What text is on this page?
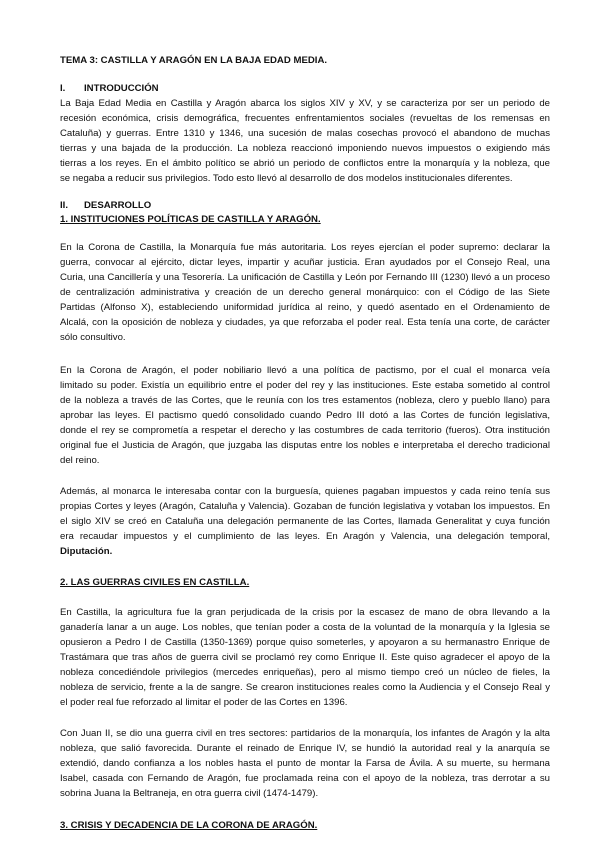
TEMA 3: CASTILLA Y ARAGÓN EN LA BAJA EDAD MEDIA.
I. INTRODUCCIÓN
La Baja Edad Media en Castilla y Aragón abarca los siglos XIV y XV, y se caracteriza por ser un periodo de
recesión económica, crisis demográfica, frecuentes enfrentamientos sociales (revueltas de los remensas en
Cataluña) y guerras. Entre 1310 y 1346, una sucesión de malas cosechas provocó el abandono de muchas
tierras y una bajada de la producción. La nobleza reaccionó imponiendo nuevos impuestos o exigiendo más
tierras a los reyes. En el ámbito político se abrió un periodo de conflictos entre la monarquía y la nobleza, que
se negaba a reducir sus privilegios. Todo esto llevó al desarrollo de dos modelos institucionales diferentes.
II. DESARROLLO
1. INSTITUCIONES POLÍTICAS DE CASTILLA Y ARAGÓN.
En la Corona de Castilla, la Monarquía fue más autoritaria. Los reyes ejercían el poder supremo: declarar la
guerra, convocar al ejército, dictar leyes, impartir y acuñar justicia. Eran ayudados por el Consejo Real, una
Curia, una Cancillería y una Tesorería. La unificación de Castilla y León por Fernando III (1230) llevó a un proceso
de centralización administrativa y creación de un derecho general monárquico: con el Código de las Siete
Partidas (Alfonso X), estableciendo uniformidad jurídica al reino, y quedó asentado en el Ordenamiento de
Alcalá, con la oposición de nobleza y ciudades, ya que reforzaba el poder real. Esta tenía una corte, de carácter
sólo consultivo.
En la Corona de Aragón, el poder nobiliario llevó a una política de pactismo, por el cual el monarca veía
limitado su poder. Existía un equilibrio entre el poder del rey y las instituciones. Este estaba sometido al control
de la nobleza a través de las Cortes, que le reunía con los tres estamentos (nobleza, clero y pueblo llano) para
aprobar las leyes. El pactismo quedó consolidado cuando Pedro III dotó a las Cortes de función legislativa,
donde el rey se comprometía a respetar el derecho y las costumbres de cada territorio (fueros). Otra institución
original fue el Justicia de Aragón, que juzgaba las disputas entre los nobles e interpretaba el derecho tradicional
del reino.
Además, al monarca le interesaba contar con la burguesía, quienes pagaban impuestos y cada reino tenía sus
propias Cortes y leyes (Aragón, Cataluña y Valencia). Gozaban de función legislativa y votaban los impuestos. En
el siglo XIV se creó en Cataluña una delegación permanente de las Cortes, llamada Generalitat y cuya función
era recaudar impuestos y el cumplimiento de las leyes. En Aragón y Valencia, una delegación temporal,
Diputación.
2. LAS GUERRAS CIVILES EN CASTILLA.
En Castilla, la agricultura fue la gran perjudicada de la crisis por la escasez de mano de obra llevando a la
ganadería lanar a un auge. Los nobles, que tenían poder a costa de la voluntad de la monarquía y la Iglesia se
opusieron a Pedro I de Castilla (1350-1369) porque quiso someterles, y apoyaron a su hermanastro Enrique de
Trastámara que tras años de guerra civil se proclamó rey como Enrique II. Este quiso agradecer el apoyo de la
nobleza concediéndole privilegios (mercedes enriqueñas), pero al mismo tiempo creó un núcleo de fieles, la
nobleza de servicio, frente a la de sangre. Se crearon instituciones reales como la Audiencia y el Consejo Real y
el poder real fue reforzado al limitar el poder de las Cortes en 1396.
Con Juan II, se dio una guerra civil en tres sectores: partidarios de la monarquía, los infantes de Aragón y la alta
nobleza, que salió favorecida. Durante el reinado de Enrique IV, se hundió la autoridad real y la anarquía se
extendió, dando confianza a los nobles hasta el punto de montar la Farsa de Ávila. A su muerte, su hermana
Isabel, casada con Fernando de Aragón, fue proclamada reina con el apoyo de la nobleza, tras derrotar a su
sobrina Juana la Beltraneja, en otra guerra civil (1474-1479).
3. CRISIS Y DECADENCIA DE LA CORONA DE ARAGÓN.
